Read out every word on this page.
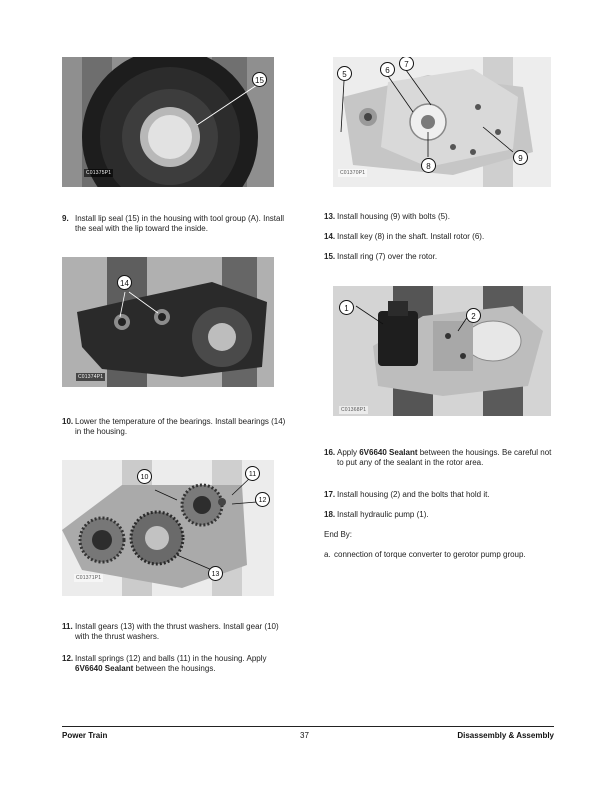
C01375P1
15
C01370P1
5	6
7
8
9
9. Install lip seal (15) in the housing with tool group (A). Install the seal with the lip toward the inside.
C01374P1
14
10. Lower the temperature of the bearings. Install bearings (14) in the housing.
C01371P1
10	11
12
13
11. Install gears (13) with the thrust washers. Install gear (10) with the thrust washers.
12. Install springs (12) and balls (11) in the housing. Apply 6V6640 Sealant between the housings.
13. Install housing (9) with bolts (5).
14. Install key (8) in the shaft. Install rotor (6).
15. Install ring (7) over the rotor.
C01368P1
1
2
16. Apply 6V6640 Sealant between the housings. Be careful not to put any of the sealant in the rotor area.
17. Install housing (2) and the bolts that hold it.
18. Install hydraulic pump (1).
End By:
a. connection of torque converter to gerotor pump group.
Power Train	37	Disassembly & Assembly
